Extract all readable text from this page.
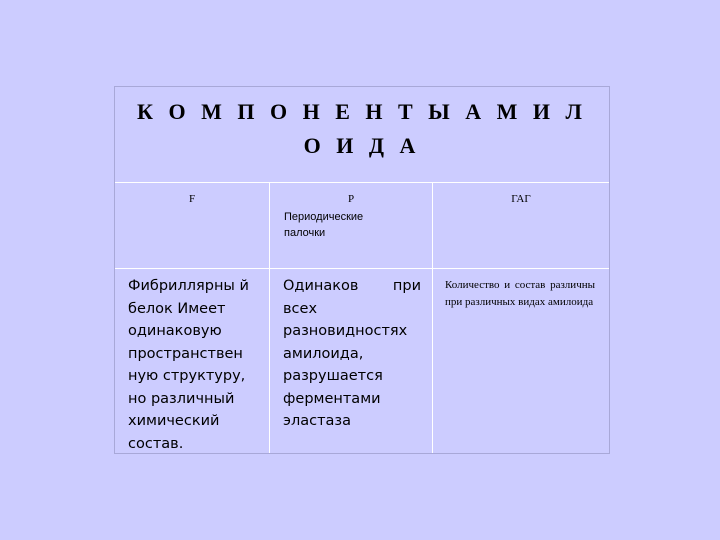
К О М П О Н Е Н Т Ы А М И Л О И Д А
F	P
Периодические палочки
ГАГ
Фибриллярны й белок Имеет одинаковую пространствен ную структуру, но различный химический состав.
Одинаков при всех разновидностях амилоида, разрушается ферментами эластаза
Количество и состав различны при различных видах амилоида
